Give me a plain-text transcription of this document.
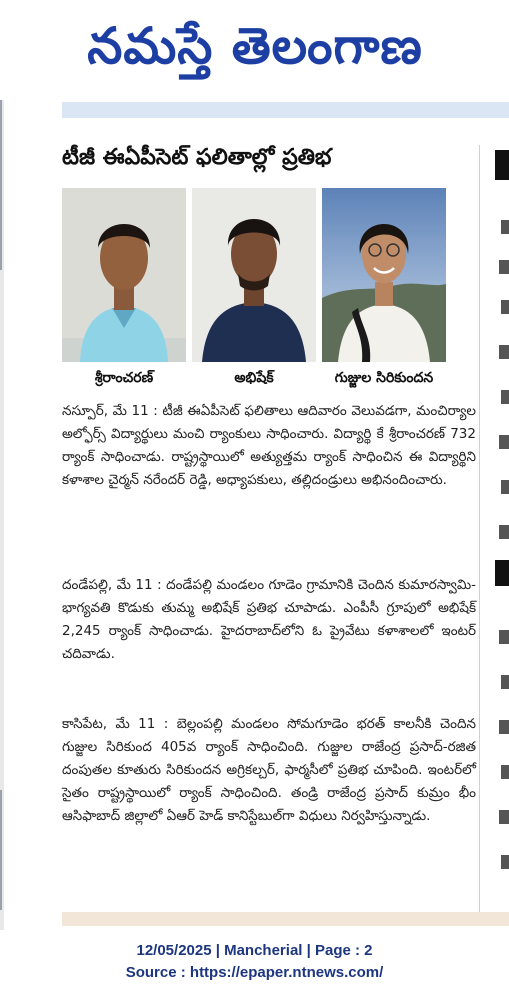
నమస్తే తెలంగాణ
టీజీ ఈఏపీసెట్ ఫలితాల్లో ప్రతిభ
శ్రీరాంచరణ్	అభిషేక్	గుజ్జుల సిరికుందన
నస్పూర్, మే 11 : టీజీ ఈఏపీసెట్ ఫలితాలు ఆదివారం వెలువడగా, మంచిర్యాల అల్ఫోర్స్ విద్యార్థులు మంచి ర్యాంకులు సాధించారు. విద్యార్థి కే శ్రీరాంచరణ్ 732 ర్యాంక్ సాధించాడు. రాష్ట్రస్థాయిలో అత్యుత్తమ ర్యాంక్ సాధించిన ఈ విద్యార్థిని కళాశాల చైర్మన్ నరేందర్ రెడ్డి, అధ్యాపకులు, తల్లిదండ్రులు అభినందించారు.
దండేపల్లి, మే 11 : దండేపల్లి మండలం గూడెం గ్రామానికి చెందిన కుమారస్వామి-భాగ్యవతి కొడుకు తుమ్మ అభిషేక్ ప్రతిభ చూపాడు. ఎంపీసీ గ్రూపులో అభిషేక్ 2,245 ర్యాంక్ సాధించాడు. హైదరాబాద్‌లోని ఓ ప్రైవేటు కళాశాలలో ఇంటర్ చదివాడు.
కాసిపేట, మే 11 : బెల్లంపల్లి మండలం సోమగూడెం భరత్ కాలనీకి చెందిన గుజ్జుల సిరికుంద 405వ ర్యాంక్ సాధించింది. గుజ్జుల రాజేంద్ర ప్రసాద్-రజిత దంపుతల కూతురు సిరికుందన అగ్రికల్చర్, ఫార్మసీలో ప్రతిభ చూపింది. ఇంటర్‌లో సైతం రాష్ట్రస్థాయిలో ర్యాంక్ సాధించింది. తండ్రి రాజేంద్ర ప్రసాద్ కుమ్రం భీం ఆసిఫాబాద్ జిల్లాలో ఏఆర్ హెడ్ కానిస్టేబుల్‌గా విధులు నిర్వహిస్తున్నాడు.
12/05/2025 | Mancherial | Page : 2
Source : https://epaper.ntnews.com/
